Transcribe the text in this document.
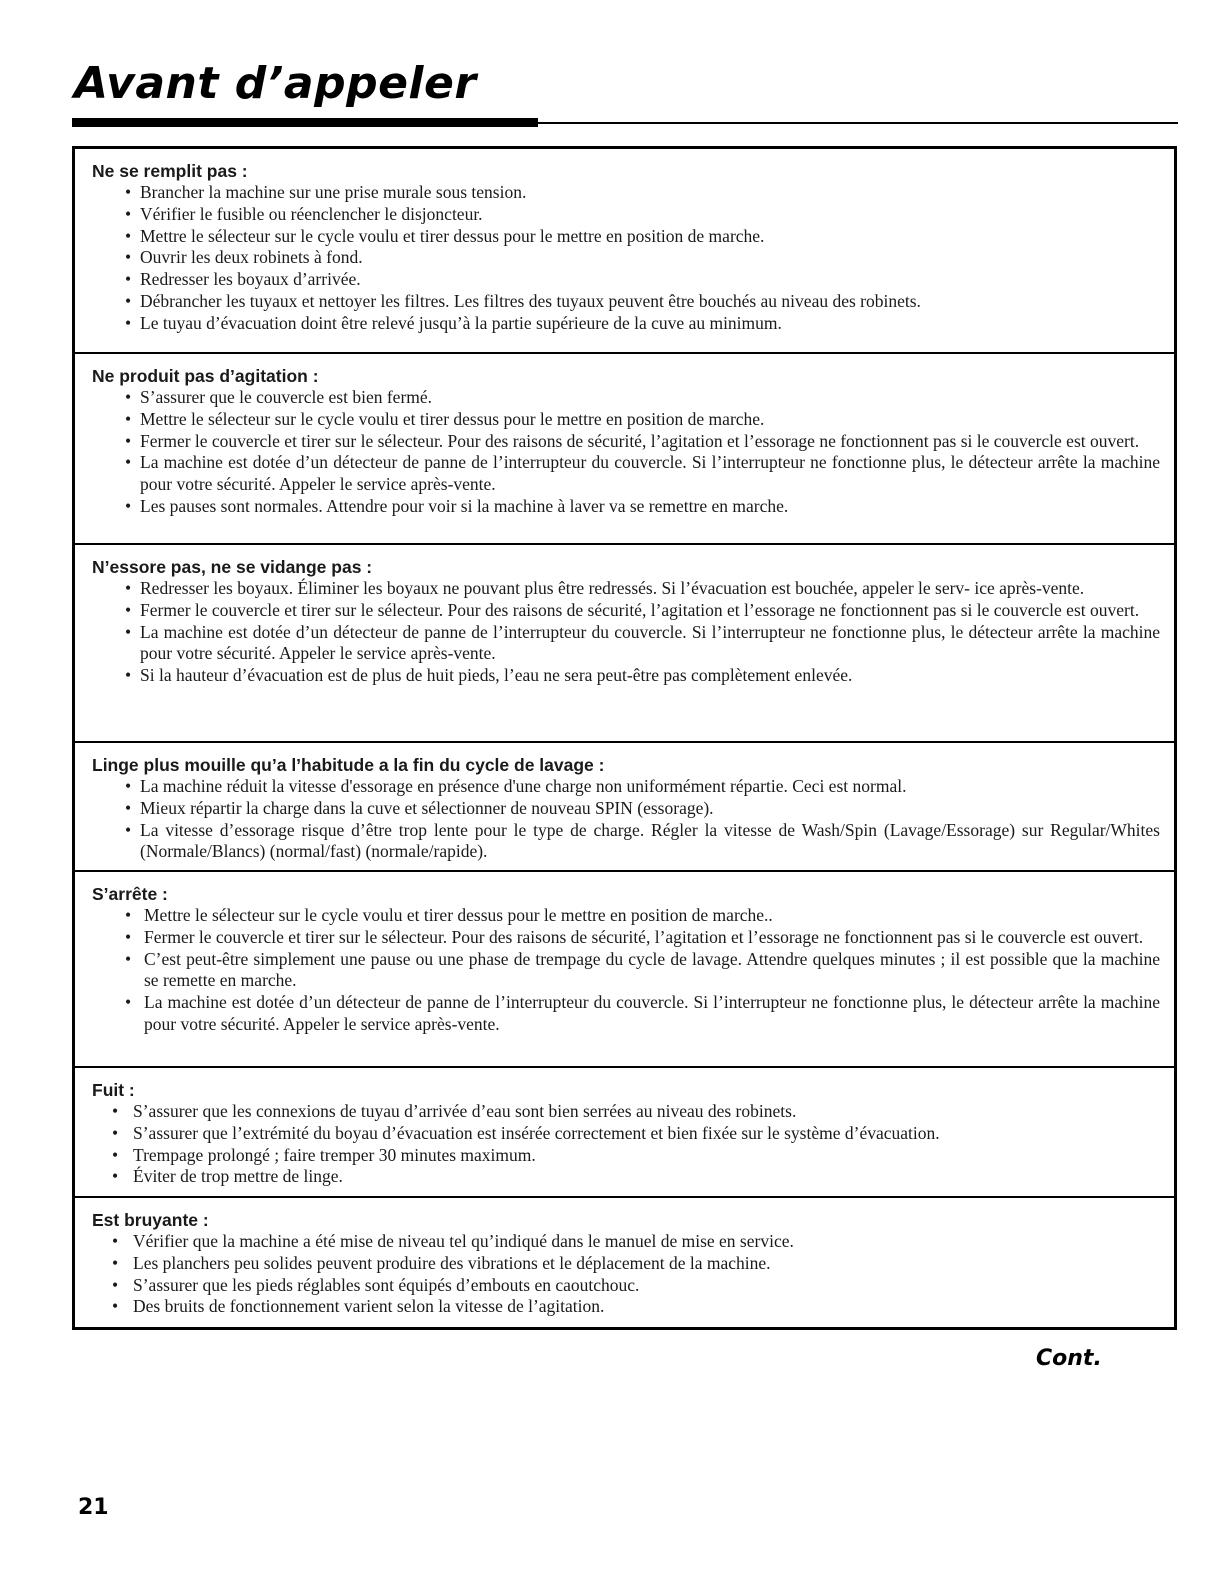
Avant d’appeler
Ne se remplit pas :
• Brancher la machine sur une prise murale sous tension.
• Vérifier le fusible ou réenclencher le disjoncteur.
• Mettre le sélecteur sur le cycle voulu et tirer dessus pour le mettre en position de marche.
• Ouvrir les deux robinets à fond.
• Redresser les boyaux d’arrivée.
• Débrancher les tuyaux et nettoyer les filtres. Les filtres des tuyaux peuvent être bouchés au niveau des robinets.
• Le tuyau d’évacuation doint être relevé jusqu’à la partie supérieure de la cuve au minimum.
Ne produit pas d’agitation :
• S’assurer que le couvercle est bien fermé.
• Mettre le sélecteur sur le cycle voulu et tirer dessus pour le mettre en position de marche.
• Fermer le couvercle et tirer sur le sélecteur. Pour des raisons de sécurité, l’agitation et l’essorage ne fonctionnent pas si le couvercle est ouvert.
• La machine est dotée d’un détecteur de panne de l’interrupteur du couvercle. Si l’interrupteur ne fonctionne plus, le détecteur arrête la machine pour votre sécurité. Appeler le service après-vente.
• Les pauses sont normales. Attendre pour voir si la machine à laver va se remettre en marche.
N’essore pas, ne se vidange pas :
• Redresser les boyaux. Éliminer les boyaux ne pouvant plus être redressés. Si l’évacuation est bouchée, appeler le serv- ice après-vente.
• Fermer le couvercle et tirer sur le sélecteur. Pour des raisons de sécurité, l’agitation et l’essorage ne fonctionnent pas si le couvercle est ouvert.
• La machine est dotée d’un détecteur de panne de l’interrupteur du couvercle. Si l’interrupteur ne fonctionne plus, le détecteur arrête la machine pour votre sécurité. Appeler le service après-vente.
• Si la hauteur d’évacuation est de plus de huit pieds, l’eau ne sera peut-être pas complètement enlevée.
Linge plus mouille qu’a l’habitude a la fin du cycle de lavage :
• La machine réduit la vitesse d'essorage en présence d'une charge non uniformément répartie. Ceci est normal.
• Mieux répartir la charge dans la cuve et sélectionner de nouveau SPIN (essorage).
• La vitesse d’essorage risque d’être trop lente pour le type de charge. Régler la vitesse de Wash/Spin (Lavage/Essorage) sur Regular/Whites (Normale/Blancs) (normal/fast) (normale/rapide).
S’arrête :
• Mettre le sélecteur sur le cycle voulu et tirer dessus pour le mettre en position de marche..
• Fermer le couvercle et tirer sur le sélecteur. Pour des raisons de sécurité, l’agitation et l’essorage ne fonctionnent pas si le couvercle est ouvert.
• C’est peut-être simplement une pause ou une phase de trempage du cycle de lavage. Attendre quelques minutes ; il est possible que la machine se remette en marche.
• La machine est dotée d’un détecteur de panne de l’interrupteur du couvercle. Si l’interrupteur ne fonctionne plus, le détecteur arrête la machine pour votre sécurité. Appeler le service après-vente.
Fuit :
• S’assurer que les connexions de tuyau d’arrivée d’eau sont bien serrées au niveau des robinets.
• S’assurer que l’extrémité du boyau d’évacuation est insérée correctement et bien fixée sur le système d’évacuation.
• Trempage prolongé ; faire tremper 30 minutes maximum.
• Éviter de trop mettre de linge.
Est bruyante :
• Vérifier que la machine a été mise de niveau tel qu’indiqué dans le manuel de mise en service.
• Les planchers peu solides peuvent produire des vibrations et le déplacement de la machine.
• S’assurer que les pieds réglables sont équipés d’embouts en caoutchouc.
• Des bruits de fonctionnement varient selon la vitesse de l’agitation.
Cont.
21
